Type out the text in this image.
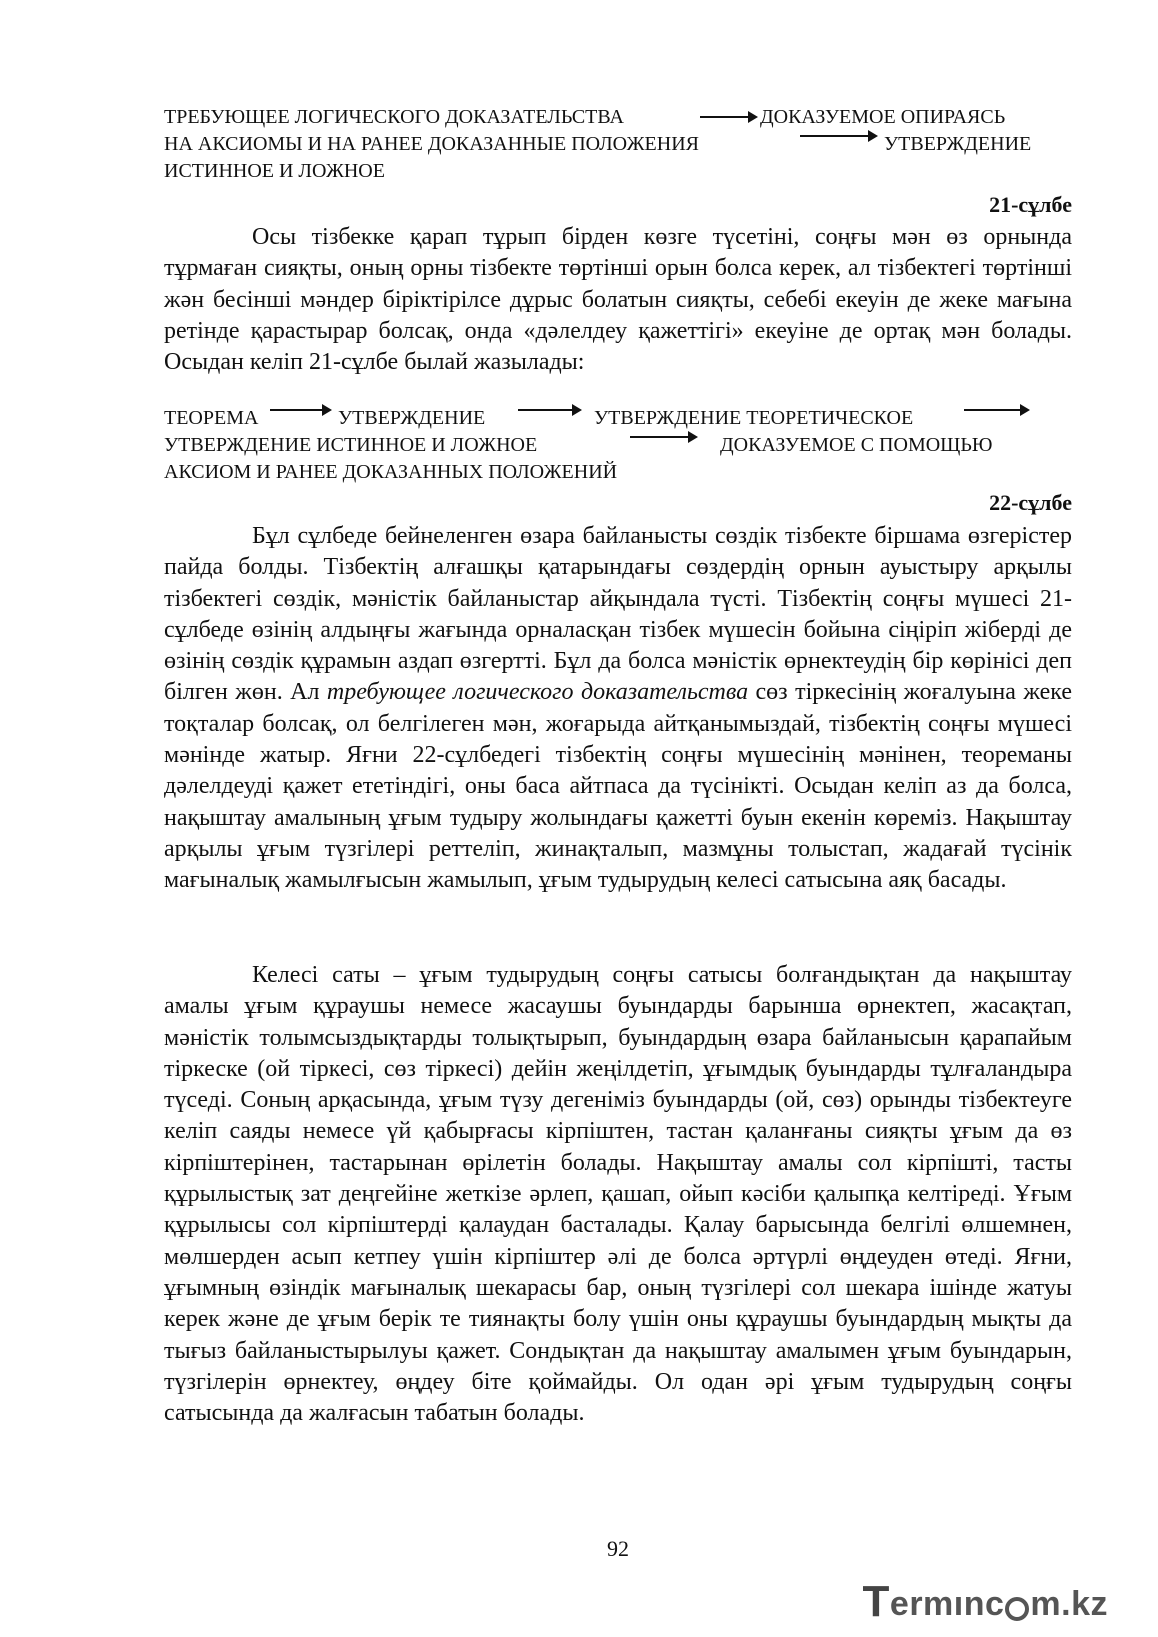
ТРЕБУЮЩЕЕ ЛОГИЧЕСКОГО ДОКАЗАТЕЛЬСТВА	ДОКАЗУЕМОЕ ОПИРАЯСЬ
НА АКСИОМЫ И НА РАНЕЕ ДОКАЗАННЫЕ ПОЛОЖЕНИЯ	УТВЕРЖДЕНИЕ
ИСТИННОЕ И ЛОЖНОЕ
21-сұлбе

Осы тізбекке қарап тұрып бірден көзге түсетіні, соңғы мән өз орнында тұрмаған сияқты, оның орны тізбекте төртінші орын болса керек, ал тізбектегі төртінші жән бесінші мәндер біріктірілсе дұрыс болатын сияқты, себебі екеуін де жеке мағына ретінде қарастырар болсақ, онда «дәлелдеу қажеттігі» екеуіне де ортақ мән болады. Осыдан келіп 21-сұлбе былай жазылады:

ТЕОРЕМА	УТВЕРЖДЕНИЕ	УТВЕРЖДЕНИЕ ТЕОРЕТИЧЕСКОЕ
УТВЕРЖДЕНИЕ ИСТИННОЕ И ЛОЖНОЕ	ДОКАЗУЕМОЕ С ПОМОЩЬЮ
АКСИОМ И РАНЕЕ ДОКАЗАННЫХ ПОЛОЖЕНИЙ
22-сұлбе

Бұл сұлбеде бейнеленген өзара байланысты сөздік тізбекте біршама өзгерістер пайда болды. Тізбектің алғашқы қатарындағы сөздердің орнын ауыстыру арқылы тізбектегі сөздік, мәністік байланыстар айқындала түсті. Тізбектің соңғы мүшесі 21-сұлбеде өзінің алдыңғы жағында орналасқан тізбек мүшесін бойына сіңіріп жіберді де өзінің сөздік құрамын аздап өзгертті. Бұл да болса мәністік өрнектеудің бір көрінісі деп білген жөн. Ал требующее логического доказательства сөз тіркесінің жоғалуына жеке тоқталар болсақ, ол белгілеген мән, жоғарыда айтқанымыздай, тізбектің соңғы мүшесі мәнінде жатыр. Яғни 22-сұлбедегі тізбектің соңғы мүшесінің мәнінен, теореманы дәлелдеуді қажет ететіндігі, оны баса айтпаса да түсінікті. Осыдан келіп аз да болса, нақыштау амалының ұғым тудыру жолындағы қажетті буын екенін көреміз. Нақыштау арқылы ұғым түзгілері реттеліп, жинақталып, мазмұны толыстап, жадағай түсінік мағыналық жамылғысын жамылып, ұғым тудырудың келесі сатысына аяқ басады.

Келесі саты – ұғым тудырудың соңғы сатысы болғандықтан да нақыштау амалы ұғым құраушы немесе жасаушы буындарды барынша өрнектеп, жасақтап, мәністік толымсыздықтарды толықтырып, буындардың өзара байланысын қарапайым тіркеске (ой тіркесі, сөз тіркесі) дейін жеңілдетіп, ұғымдық буындарды тұлғаландыра түседі. Соның арқасында, ұғым түзу дегеніміз буындарды (ой, сөз) орынды тізбектеуге келіп саяды немесе үй қабырғасы кірпіштен, тастан қаланғаны сияқты ұғым да өз кірпіштерінен, тастарынан өрілетін болады. Нақыштау амалы сол кірпішті, тасты құрылыстық зат деңгейіне жеткізе әрлеп, қашап, ойып кәсіби қалыпқа келтіреді. Ұғым құрылысы сол кірпіштерді қалаудан басталады. Қалау барысында белгілі өлшемнен, мөлшерден асып кетпеу үшін кірпіштер әлі де болса әртүрлі өңдеуден өтеді. Яғни, ұғымның өзіндік мағыналық шекарасы бар, оның түзгілері сол шекара ішінде жатуы керек және де ұғым берік те тиянақты болу үшін оны құраушы буындардың мықты да тығыз байланыстырылуы қажет. Сондықтан да нақыштау амалымен ұғым буындарын, түзгілерін өрнектеу, өңдеу біте қоймайды. Ол одан әрі ұғым тудырудың соңғы сатысында да жалғасын табатын болады.

92
T ermınc m.kz
